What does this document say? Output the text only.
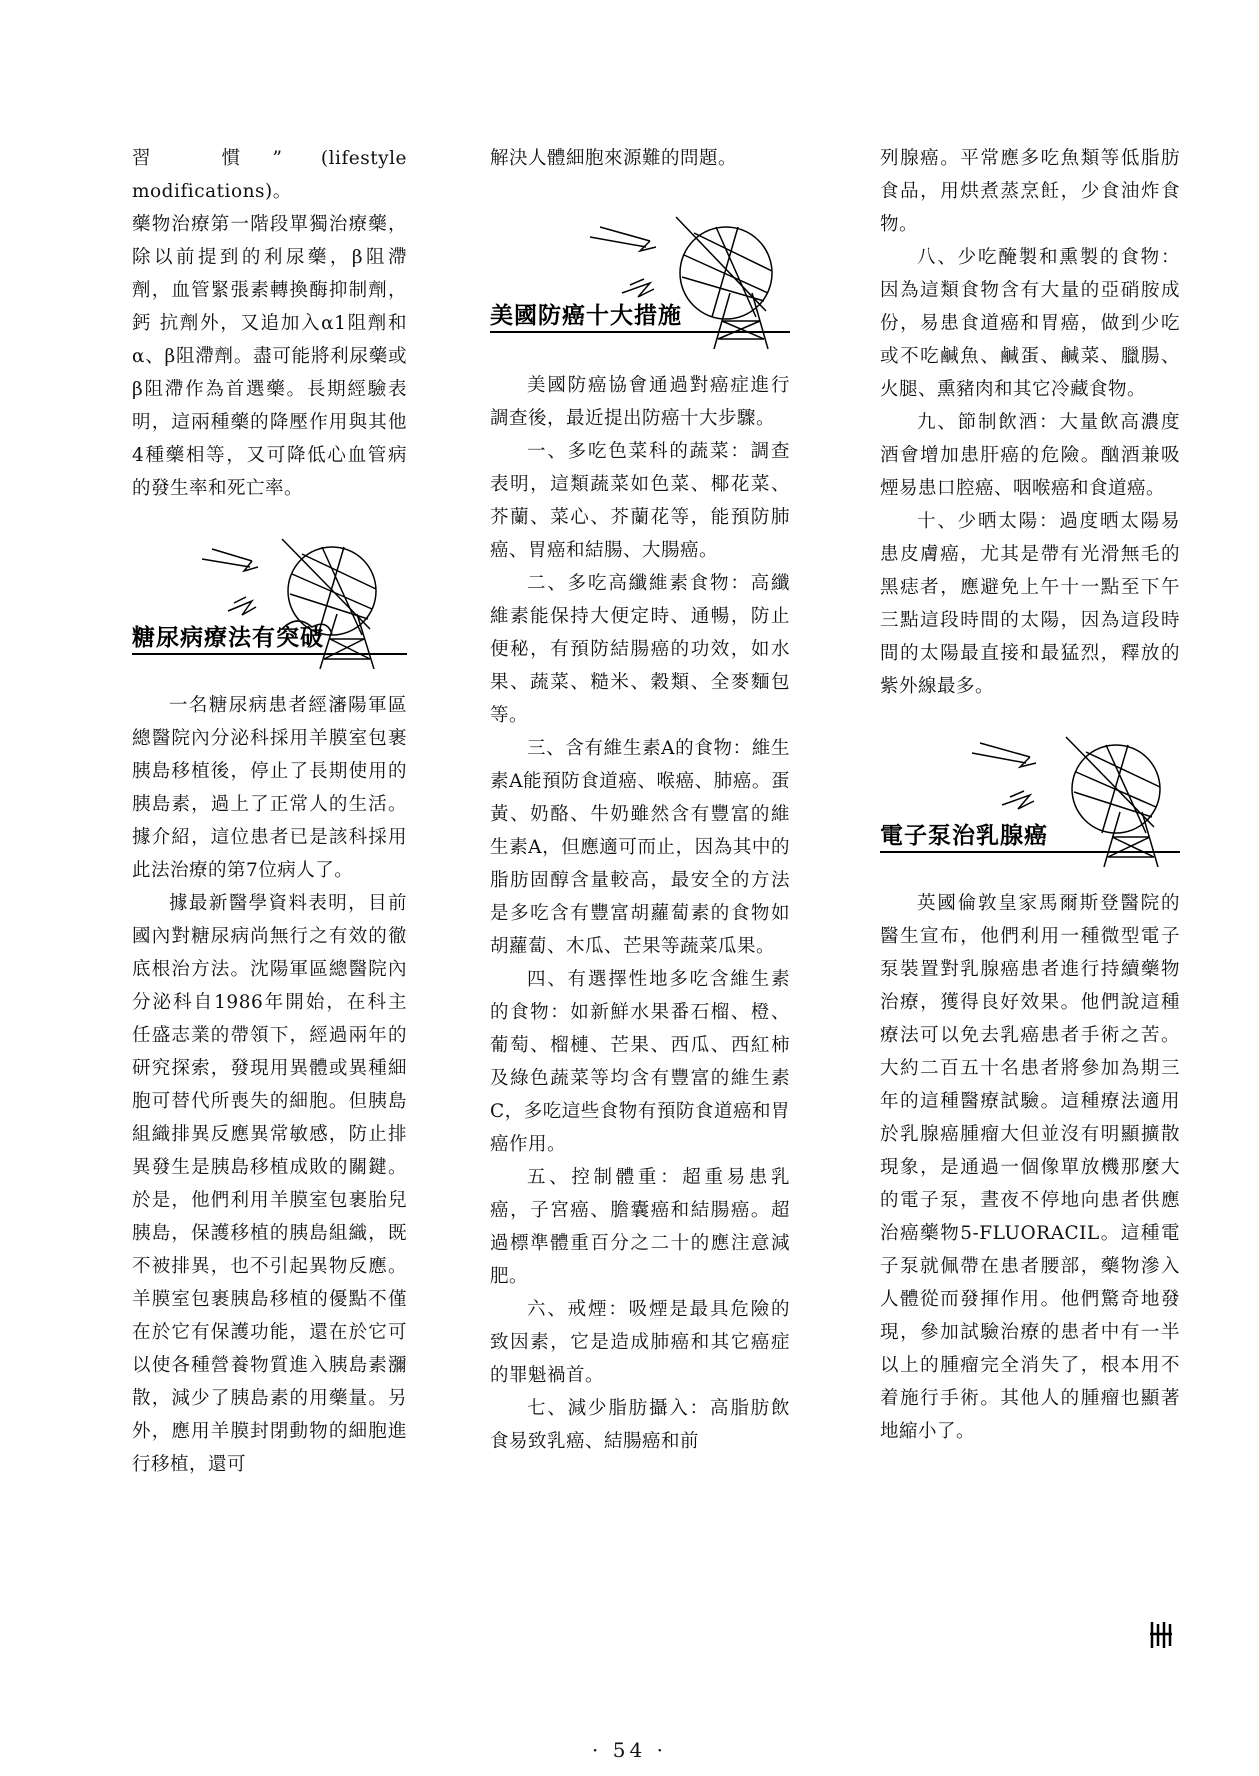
習 慣” (lifestyle modifications)。

藥物治療第一階段單獨治療藥，除以前提到的利尿藥，β阻滯劑，血管緊張素轉換酶抑制劑，鈣 抗劑外，又追加入α1阻劑和α、β阻滯劑。盡可能將利尿藥或β阻滯作為首選藥。長期經驗表明，這兩種藥的降壓作用與其他4種藥相等，又可降低心血管病的發生率和死亡率。

糖尿病療法有突破

一名糖尿病患者經瀋陽軍區總醫院內分泌科採用羊膜室包裹胰島移植後，停止了長期使用的胰島素，過上了正常人的生活。據介紹，這位患者已是該科採用此法治療的第7位病人了。

據最新醫學資料表明，目前國內對糖尿病尚無行之有效的徹底根治方法。沈陽軍區總醫院內分泌科自1986年開始，在科主任盛志業的帶領下，經過兩年的研究探索，發現用異體或異種細胞可替代所喪失的細胞。但胰島組織排異反應異常敏感，防止排異發生是胰島移植成敗的關鍵。於是，他們利用羊膜室包裹胎兒胰島，保護移植的胰島組織，既不被排異，也不引起異物反應。羊膜室包裹胰島移植的優點不僅在於它有保護功能，還在於它可以使各種營養物質進入胰島素瀰散，減少了胰島素的用藥量。另外，應用羊膜封閉動物的細胞進行移植，還可

解決人體細胞來源難的問題。

美國防癌十大措施

美國防癌協會通過對癌症進行調查後，最近提出防癌十大步驟。

一、多吃色菜科的蔬菜：調查表明，這類蔬菜如色菜、椰花菜、芥蘭、菜心、芥蘭花等，能預防肺癌、胃癌和結腸、大腸癌。

二、多吃高纖維素食物：高纖維素能保持大便定時、通暢，防止便秘，有預防結腸癌的功效，如水果、蔬菜、糙米、穀類、全麥麵包等。

三、含有維生素A的食物：維生素A能預防食道癌、喉癌、肺癌。蛋黃、奶酪、牛奶雖然含有豐富的維生素A，但應適可而止，因為其中的脂肪固醇含量較高，最安全的方法是多吃含有豐富胡蘿蔔素的食物如胡蘿蔔、木瓜、芒果等蔬菜瓜果。

四、有選擇性地多吃含維生素的食物：如新鮮水果番石榴、橙、葡萄、榴槤、芒果、西瓜、西紅柿及綠色蔬菜等均含有豐富的維生素C，多吃這些食物有預防食道癌和胃癌作用。

五、控制體重：超重易患乳癌，子宮癌、膽囊癌和結腸癌。超過標準體重百分之二十的應注意減肥。

六、戒煙：吸煙是最具危險的致因素，它是造成肺癌和其它癌症的罪魁禍首。

七、減少脂肪攝入：高脂肪飲食易致乳癌、結腸癌和前

列腺癌。平常應多吃魚類等低脂肪食品，用烘煮蒸烹飪，少食油炸食物。

八、少吃醃製和熏製的食物：因為這類食物含有大量的亞硝胺成份，易患食道癌和胃癌，做到少吃或不吃鹹魚、鹹蛋、鹹菜、臘腸、火腿、熏豬肉和其它冷藏食物。

九、節制飲酒：大量飲高濃度酒會增加患肝癌的危險。酗酒兼吸煙易患口腔癌、咽喉癌和食道癌。

十、少晒太陽：過度晒太陽易患皮膚癌，尤其是帶有光滑無毛的黑痣者，應避免上午十一點至下午三點這段時間的太陽，因為這段時間的太陽最直接和最猛烈，釋放的紫外線最多。

電子泵治乳腺癌

英國倫敦皇家馬爾斯登醫院的醫生宣布，他們利用一種微型電子泵裝置對乳腺癌患者進行持續藥物治療，獲得良好效果。他們說這種療法可以免去乳癌患者手術之苦。大約二百五十名患者將參加為期三年的這種醫療試驗。這種療法適用於乳腺癌腫瘤大但並沒有明顯擴散現象，是通過一個像單放機那麼大的電子泵，晝夜不停地向患者供應治癌藥物5-FLUORACIL。這種電子泵就佩帶在患者腰部，藥物滲入人體從而發揮作用。他們驚奇地發現，參加試驗治療的患者中有一半以上的腫瘤完全消失了，根本用不着施行手術。其他人的腫瘤也顯著地縮小了。

· 54 ·
